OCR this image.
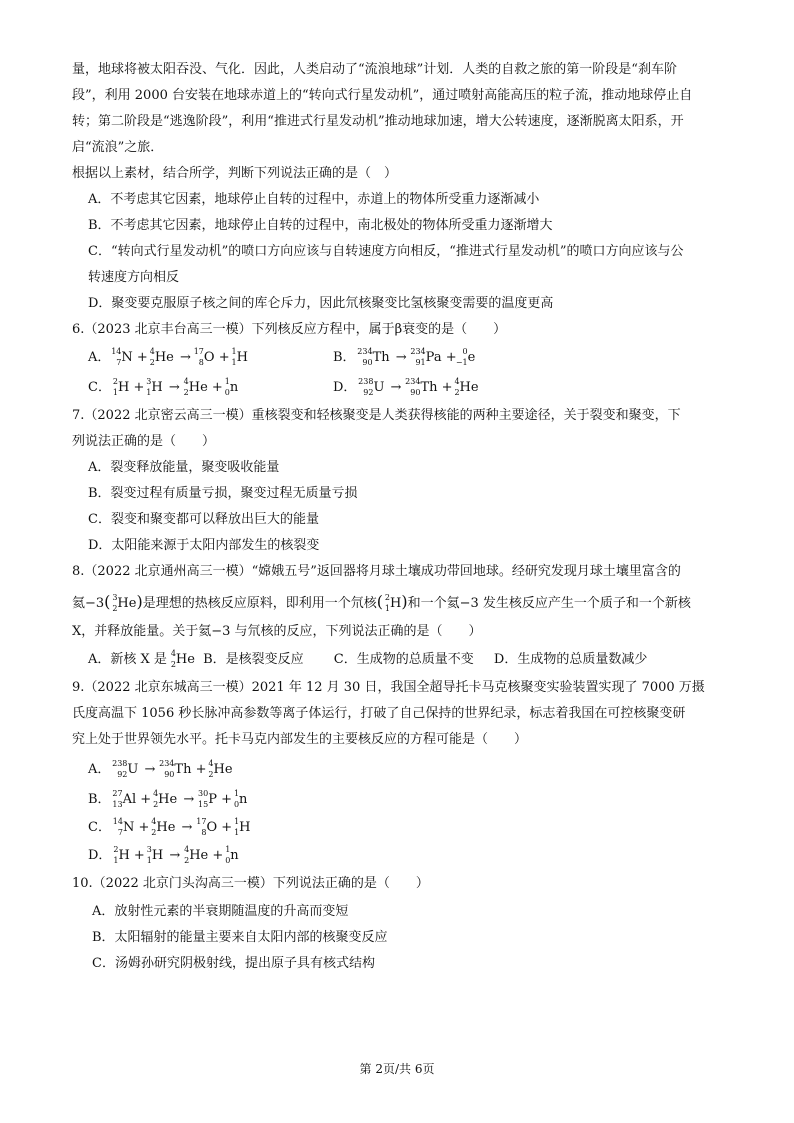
量，地球将被太阳吞没、气化．因此，人类启动了“流浪地球”计划．人类的自救之旅的第一阶段是“刹车阶
段”，利用 2000 台安装在地球赤道上的“转向式行星发动机”，通过喷射高能高压的粒子流，推动地球停止自
转；第二阶段是“逃逸阶段”，利用“推进式行星发动机”推动地球加速，增大公转速度，逐渐脱离太阳系，开
启“流浪”之旅．
根据以上素材，结合所学，判断下列说法正确的是（　）
A．不考虑其它因素，地球停止自转的过程中，赤道上的物体所受重力逐渐减小
B．不考虑其它因素，地球停止自转的过程中，南北极处的物体所受重力逐渐增大
C．“转向式行星发动机”的喷口方向应该与自转速度方向相反，“推进式行星发动机”的喷口方向应该与公
转速度方向相反
D．聚变要克服原子核之间的库仑斥力，因此氘核聚变比氢核聚变需要的温度更高
6.（2023 北京丰台高三一模）下列核反应方程中，属于β衰变的是（　　）
A． 14
7 N + 4
2 He → 17
8 O + 1
1 H	B． 234
90 Th → 234
91 Pa + 0
−1 e
C． 2
1 H + 3
1 H → 4
2 He + 1
0 n	D． 238
92 U → 234
90 Th + 4
2 He
7.（2022 北京密云高三一模）重核裂变和轻核聚变是人类获得核能的两种主要途径，关于裂变和聚变，下
列说法正确的是（　　）
A．裂变释放能量，聚变吸收能量
B．裂变过程有质量亏损，聚变过程无质量亏损
C．裂变和聚变都可以释放出巨大的能量
D．太阳能来源于太阳内部发生的核裂变
8.（2022 北京通州高三一模）“嫦娥五号”返回器将月球土壤成功带回地球。经研究发现月球土壤里富含的
氦−3( 3
2 He)是理想的热核反应原料，即利用一个氘核( 2
1 H)和一个氦−3 发生核反应产生一个质子和一个新核
X，并释放能量。关于氦−3 与氘核的反应，下列说法正确的是（　　）
A．新核 X 是 4
2 He B．是核裂变反应 C．生成物的总质量不变 D．生成物的总质量数减少
9.（2022 北京东城高三一模）2021 年 12 月 30 日，我国全超导托卡马克核聚变实验装置实现了 7000 万摄
氏度高温下 1056 秒长脉冲高参数等离子体运行，打破了自己保持的世界纪录，标志着我国在可控核聚变研
究上处于世界领先水平。托卡马克内部发生的主要核反应的方程可能是（　　）
A． 238
92 U → 234
90 Th + 4
2 He
B． 27
13 Al + 4
2 He → 30
15 P + 1
0 n
C． 14
7 N + 4
2 He → 17
8 O + 1
1 H
D． 2
1 H + 3
1 H → 4
2 He + 1
0 n
10.（2022 北京门头沟高三一模）下列说法正确的是（　　）
A．放射性元素的半衰期随温度的升高而变短
B．太阳辐射的能量主要来自太阳内部的核聚变反应
C．汤姆孙研究阴极射线，提出原子具有核式结构
第 2页/共 6页
